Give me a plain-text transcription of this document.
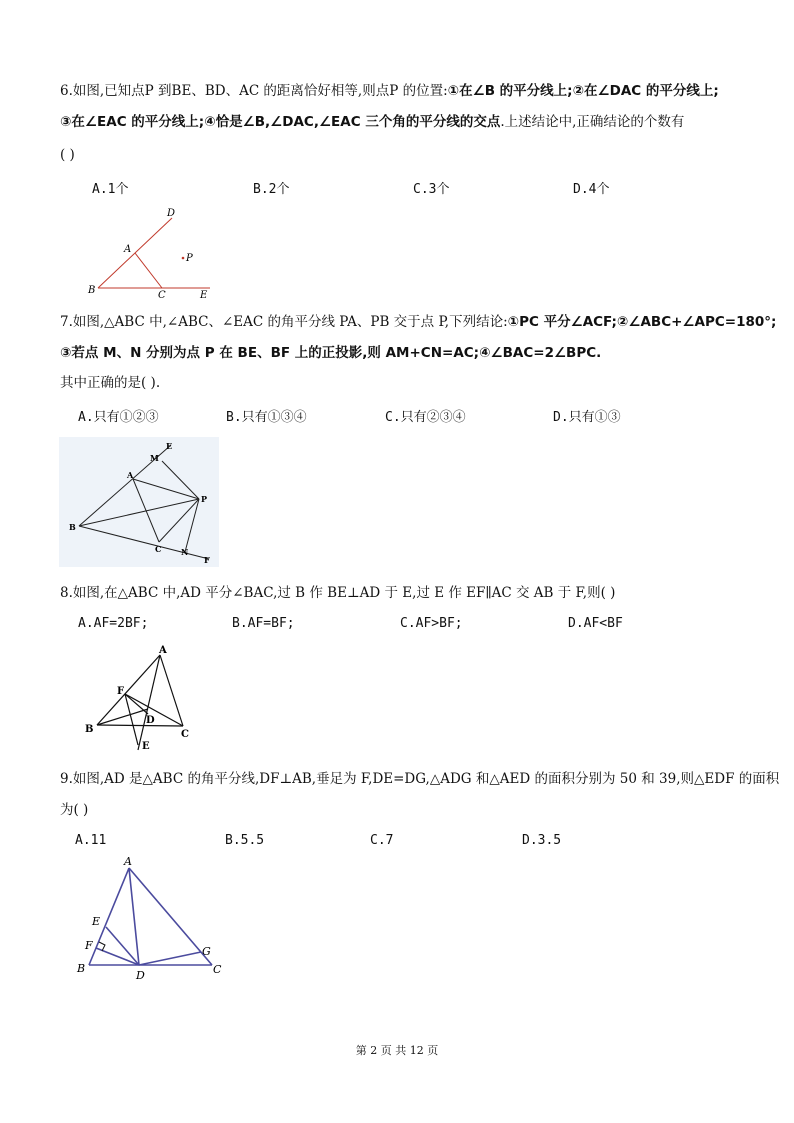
6.如图,已知点P 到BE、BD、AC 的距离恰好相等,则点P 的位置:①在∠B 的平分线上;②在∠DAC 的平分线上;
③在∠EAC 的平分线上;④恰是∠B,∠DAC,∠EAC 三个角的平分线的交点.上述结论中,正确结论的个数有
( )
A.1个	B.2个	C.3个	D.4个
D
A
P
B	C	E
7.如图,△ABC 中,∠ABC、∠EAC 的角平分线 PA、PB 交于点 P,下列结论:①PC 平分∠ACF;②∠ABC+∠APC=180°;
③若点 M、N 分别为点 P 在 BE、BF 上的正投影,则 AM+CN=AC;④∠BAC=2∠BPC.
其中正确的是( ).
A.只有①②③	B.只有①③④	C.只有②③④	D.只有①③
E
M
A
P
B
C N
F
8.如图,在△ABC 中,AD 平分∠BAC,过 B 作 BE⊥AD 于 E,过 E 作 EF∥AC 交 AB 于 F,则( )
A.AF=2BF;	B.AF=BF;	C.AF>BF;	D.AF<BF
A
F
B
D
C
E
9.如图,AD 是△ABC 的角平分线,DF⊥AB,垂足为 F,DE=DG,△ADG 和△AED 的面积分别为 50 和 39,则△EDF 的面积
为( )
A.11	B.5.5	C.7	D.3.5
A
E
F	G
B
D	C
第 2 页 共 12 页
